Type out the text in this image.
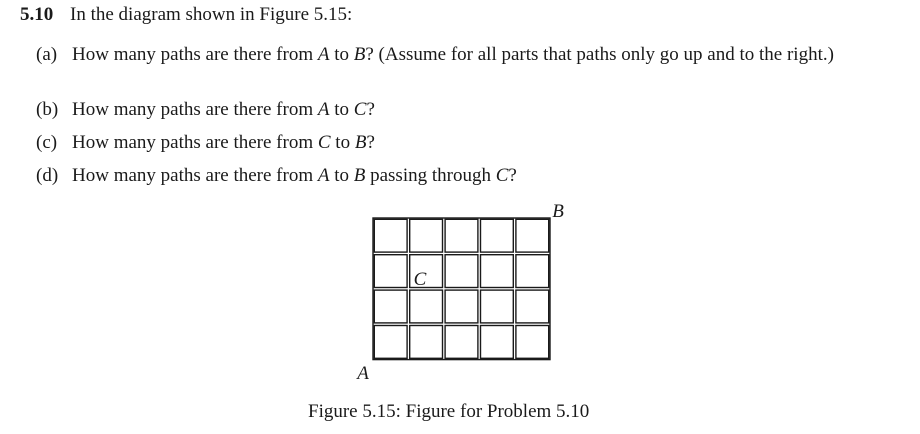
5.10 In the diagram shown in Figure 5.15:
(a) How many paths are there from A to B? (Assume for all parts that paths only go up and to the right.)
(b) How many paths are there from A to C?
(c) How many paths are there from C to B?
(d) How many paths are there from A to B passing through C?
B
C
A
Figure 5.15: Figure for Problem 5.10
